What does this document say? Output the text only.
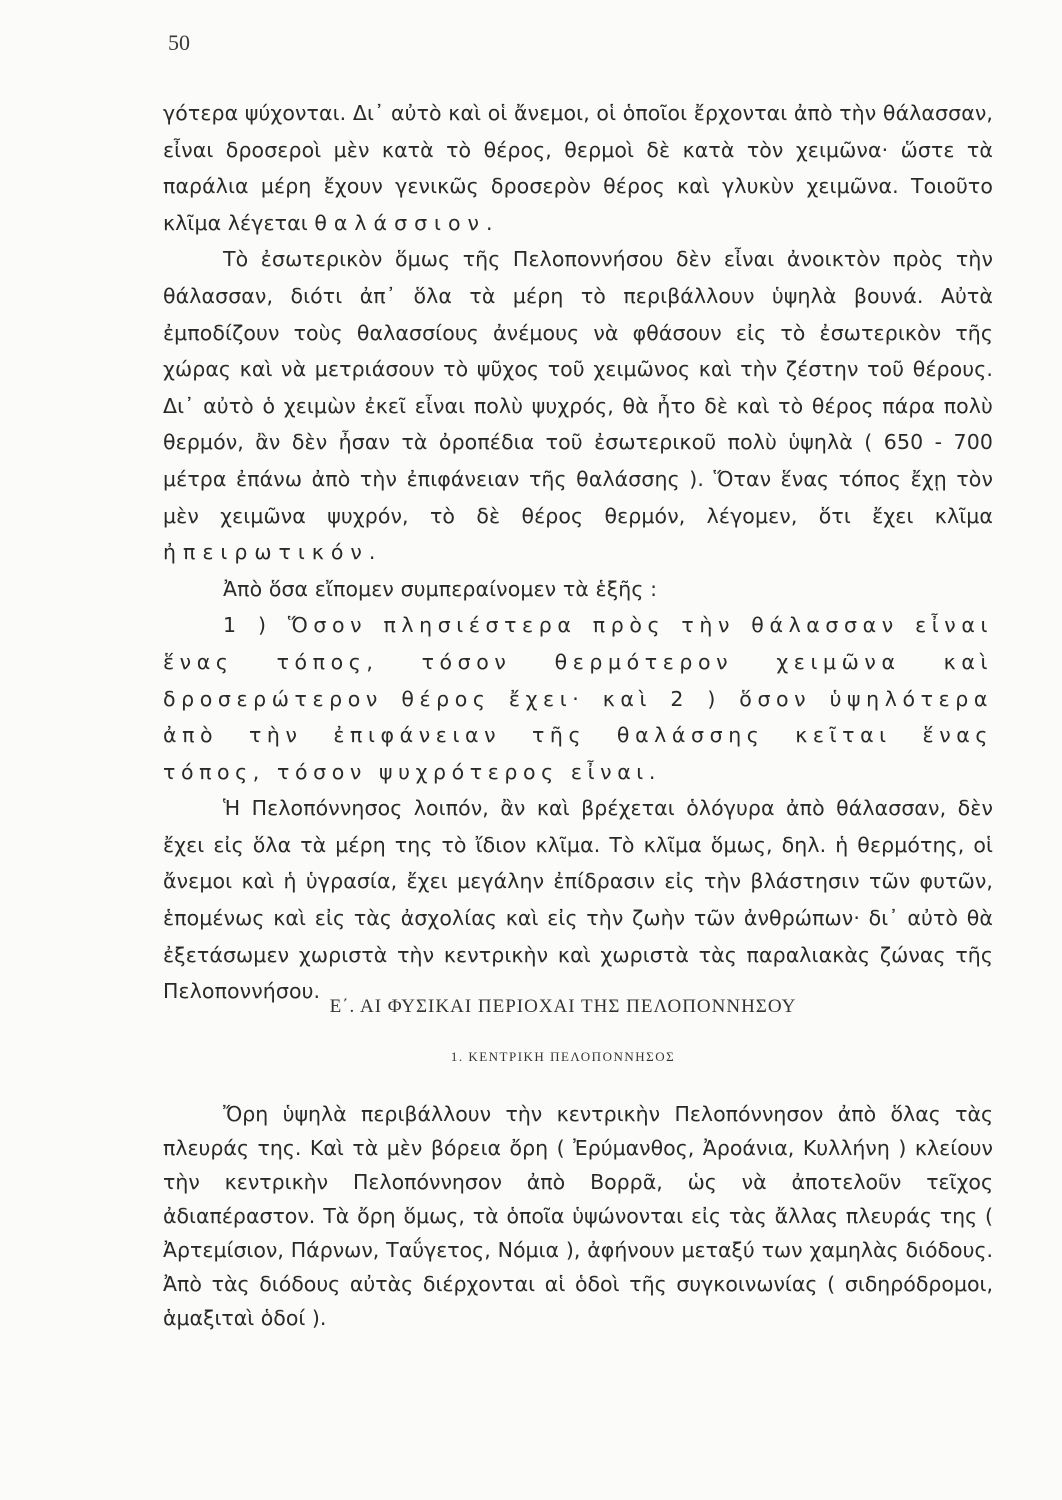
50

γότερα ψύχονται. Δι᾽ αὐτὸ καὶ οἱ ἄνεμοι, οἱ ὁποῖοι ἔρχονται ἀπὸ τὴν θάλασσαν, εἶναι δροσεροὶ μὲν κατὰ τὸ θέρος, θερμοὶ δὲ κατὰ τὸν χειμῶνα· ὥστε τὰ παράλια μέρη ἔχουν γενικῶς δροσερὸν θέρος καὶ γλυκὺν χειμῶνα. Τοιοῦτο κλῖμα λέγεται θαλάσσιον.

Τὸ ἐσωτερικὸν ὅμως τῆς Πελοποννήσου δὲν εἶναι ἀνοικτὸν πρὸς τὴν θάλασσαν, διότι ἀπ᾽ ὅλα τὰ μέρη τὸ περιβάλλουν ὑψηλὰ βουνά. Αὐτὰ ἐμποδίζουν τοὺς θαλασσίους ἀνέμους νὰ φθάσουν εἰς τὸ ἐσωτερικὸν τῆς χώρας καὶ νὰ μετριάσουν τὸ ψῦχος τοῦ χειμῶνος καὶ τὴν ζέστην τοῦ θέρους. Δι᾽ αὐτὸ ὁ χειμὼν ἐκεῖ εἶναι πολὺ ψυχρός, θὰ ἦτο δὲ καὶ τὸ θέρος πάρα πολὺ θερμόν, ἂν δὲν ἦσαν τὰ ὀροπέδια τοῦ ἐσωτερικοῦ πολὺ ὑψηλὰ ( 650 - 700 μέτρα ἐπάνω ἀπὸ τὴν ἐπιφάνειαν τῆς θαλάσσης ). Ὅταν ἕνας τόπος ἔχῃ τὸν μὲν χειμῶνα ψυχρόν, τὸ δὲ θέρος θερμόν, λέγομεν, ὅτι ἔχει κλῖμα ἠπειρωτικόν.

Ἀπὸ ὅσα εἴπομεν συμπεραίνομεν τὰ ἑξῆς :

1 ) Ὅσον πλησιέστερα πρὸς τὴν θάλασσαν εἶναι ἕνας τόπος, τόσον θερμότερον χειμῶνα καὶ δροσερώτερον θέρος ἔχει· καὶ 2 ) ὅσον ὑψηλότερα ἀπὸ τὴν ἐπιφάνειαν τῆς θαλάσσης κεῖται ἕνας τόπος, τόσον ψυχρότερος εἶναι.

Ἡ Πελοπόννησος λοιπόν, ἂν καὶ βρέχεται ὁλόγυρα ἀπὸ θάλασσαν, δὲν ἔχει εἰς ὅλα τὰ μέρη της τὸ ἴδιον κλῖμα. Τὸ κλῖμα ὅμως, δηλ. ἡ θερμότης, οἱ ἄνεμοι καὶ ἡ ὑγρασία, ἔχει μεγάλην ἐπίδρασιν εἰς τὴν βλάστησιν τῶν φυτῶν, ἑπομένως καὶ εἰς τὰς ἀσχολίας καὶ εἰς τὴν ζωὴν τῶν ἀνθρώπων· δι᾽ αὐτὸ θὰ ἐξετάσωμεν χωριστὰ τὴν κεντρικὴν καὶ χωριστὰ τὰς παραλιακὰς ζώνας τῆς Πελοποννήσου.

Ε΄. ΑΙ ΦΥΣΙΚΑΙ ΠΕΡΙΟΧΑΙ ΤΗΣ ΠΕΛΟΠΟΝΝΗΣΟΥ
1. ΚΕΝΤΡΙΚΗ ΠΕΛΟΠΟΝΝΗΣΟΣ

Ὄρη ὑψηλὰ περιβάλλουν τὴν κεντρικὴν Πελοπόννησον ἀπὸ ὅλας τὰς πλευράς της. Καὶ τὰ μὲν βόρεια ὄρη ( Ἐρύμανθος, Ἀροάνια, Κυλλήνη ) κλείουν τὴν κεντρικὴν Πελοπόννησον ἀπὸ Βορρᾶ, ὡς νὰ ἀποτελοῦν τεῖχος ἀδιαπέραστον. Τὰ ὄρη ὅμως, τὰ ὁποῖα ὑψώνονται εἰς τὰς ἄλλας πλευράς της ( Ἀρτεμίσιον, Πάρνων, Ταΰγετος, Νόμια ), ἀφήνουν μεταξύ των χαμηλὰς διόδους. Ἀπὸ τὰς διόδους αὐτὰς διέρχονται αἱ ὁδοὶ τῆς συγκοινωνίας ( σιδηρόδρομοι, ἁμαξιταὶ ὁδοί ).
